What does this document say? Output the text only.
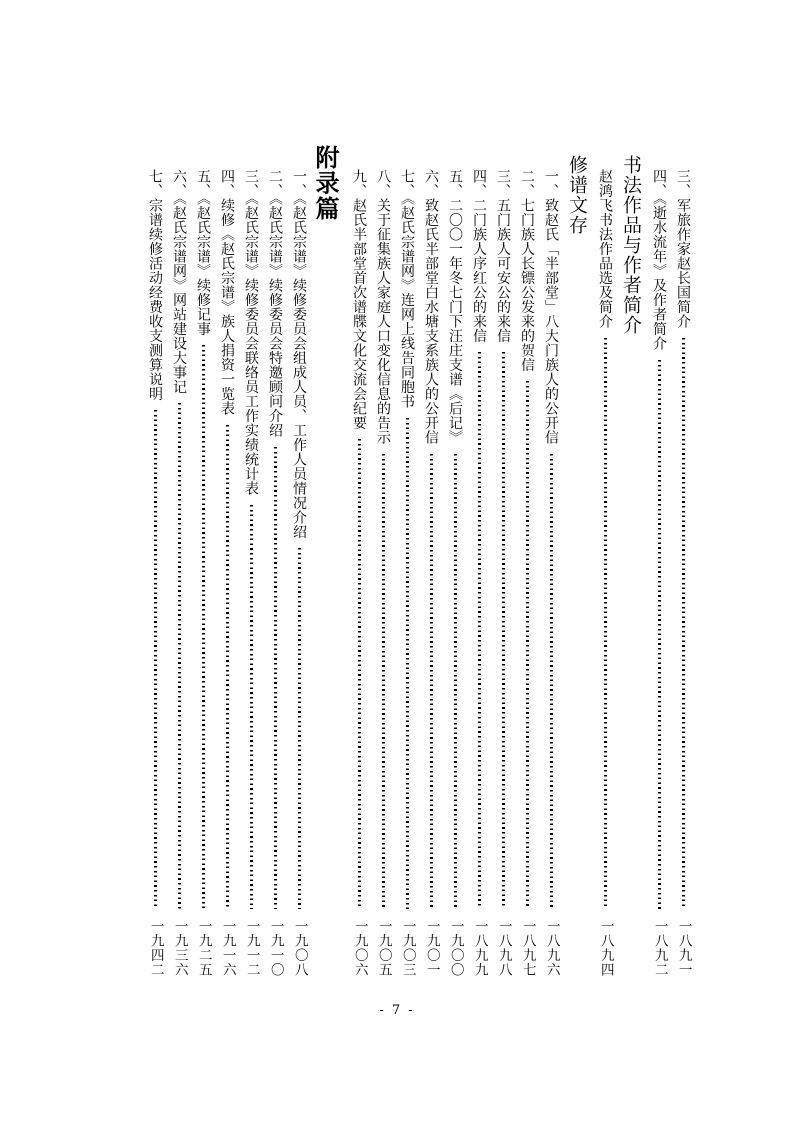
三、军旅作家赵长国简介
一八九一
四、《逝水流年》及作者简介
一八九二
书法作品与作者简介
赵鸿飞书法作品选及简介
一八九四
修谱文存
一、致赵氏「半部堂」八大门族人的公开信
一八九六
二、七门族人长镖公发来的贺信
一八九七
三、五门族人可安公的来信
一八九八
四、二门族人序红公的来信
一八九九
五、二〇〇一年冬七门下汪庄支谱《后记》
一九〇〇
六、致赵氏半部堂白水塘支系族人的公开信
一九〇一
七、《赵氏宗谱网》连网上线告同胞书
一九〇三
八、关于征集族人家庭人口变化信息的告示
一九〇五
九、赵氏半部堂首次谱牒文化交流会纪要
一九〇六
附录篇
一、《赵氏宗谱》续修委员会组成人员、工作人员情况介绍
一九〇八
二、《赵氏宗谱》续修委员会特邀顾问介绍
一九一〇
三、《赵氏宗谱》续修委员会联络员工作实绩统计表
一九一二
四、续修《赵氏宗谱》族人捐资一览表
一九一六
五、《赵氏宗谱》续修记事
一九二五
六、《赵氏宗谱网》网站建设大事记
一九三六
七、宗谱续修活动经费收支测算说明
一九四二
- 7 -
